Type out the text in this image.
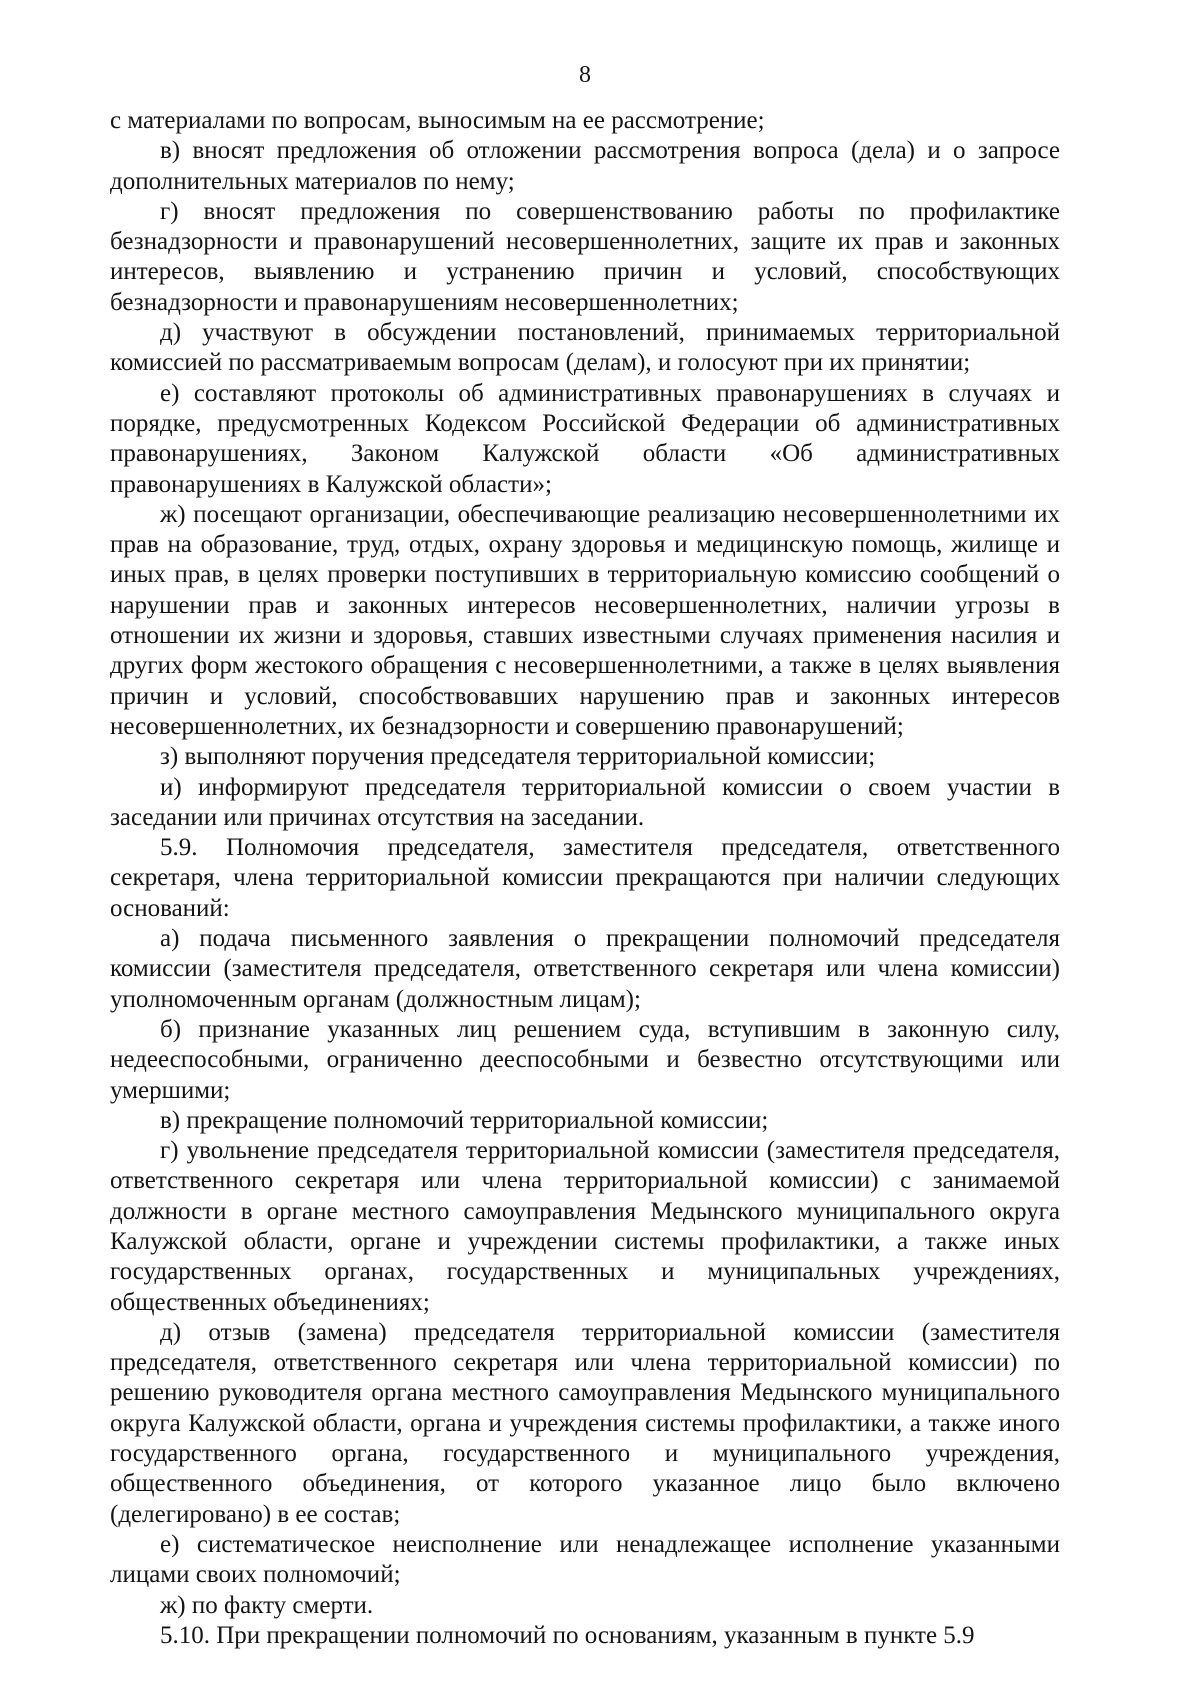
8

с материалами по вопросам, выносимым на ее рассмотрение;

в) вносят предложения об отложении рассмотрения вопроса (дела) и о запросе дополнительных материалов по нему;

г) вносят предложения по совершенствованию работы по профилактике безнадзорности и правонарушений несовершеннолетних, защите их прав и законных интересов, выявлению и устранению причин и условий, способствующих безнадзорности и правонарушениям несовершеннолетних;

д) участвуют в обсуждении постановлений, принимаемых территориальной комиссией по рассматриваемым вопросам (делам), и голосуют при их принятии;

е) составляют протоколы об административных правонарушениях в случаях и порядке, предусмотренных Кодексом Российской Федерации об административных правонарушениях, Законом Калужской области «Об административных правонарушениях в Калужской области»;

ж) посещают организации, обеспечивающие реализацию несовершеннолетними их прав на образование, труд, отдых, охрану здоровья и медицинскую помощь, жилище и иных прав, в целях проверки поступивших в территориальную комиссию сообщений о нарушении прав и законных интересов несовершеннолетних, наличии угрозы в отношении их жизни и здоровья, ставших известными случаях применения насилия и других форм жестокого обращения с несовершеннолетними, а также в целях выявления причин и условий, способствовавших нарушению прав и законных интересов несовершеннолетних, их безнадзорности и совершению правонарушений;

з) выполняют поручения председателя территориальной комиссии;

и) информируют председателя территориальной комиссии о своем участии в заседании или причинах отсутствия на заседании.

5.9. Полномочия председателя, заместителя председателя, ответственного секретаря, члена территориальной комиссии прекращаются при наличии следующих оснований:

а) подача письменного заявления о прекращении полномочий председателя комиссии (заместителя председателя, ответственного секретаря или члена комиссии) уполномоченным органам (должностным лицам);

б) признание указанных лиц решением суда, вступившим в законную силу, недееспособными, ограниченно дееспособными и безвестно отсутствующими или умершими;

в) прекращение полномочий территориальной комиссии;

г) увольнение председателя территориальной комиссии (заместителя председателя, ответственного секретаря или члена территориальной комиссии) с занимаемой должности в органе местного самоуправления Медынского муниципального округа Калужской области, органе и учреждении системы профилактики, а также иных государственных органах, государственных и муниципальных учреждениях, общественных объединениях;

д) отзыв (замена) председателя территориальной комиссии (заместителя председателя, ответственного секретаря или члена территориальной комиссии) по решению руководителя органа местного самоуправления Медынского муниципального округа Калужской области, органа и учреждения системы профилактики, а также иного государственного органа, государственного и муниципального учреждения, общественного объединения, от которого указанное лицо было включено (делегировано) в ее состав;

е) систематическое неисполнение или ненадлежащее исполнение указанными лицами своих полномочий;

ж) по факту смерти.

5.10. При прекращении полномочий по основаниям, указанным в пункте 5.9
